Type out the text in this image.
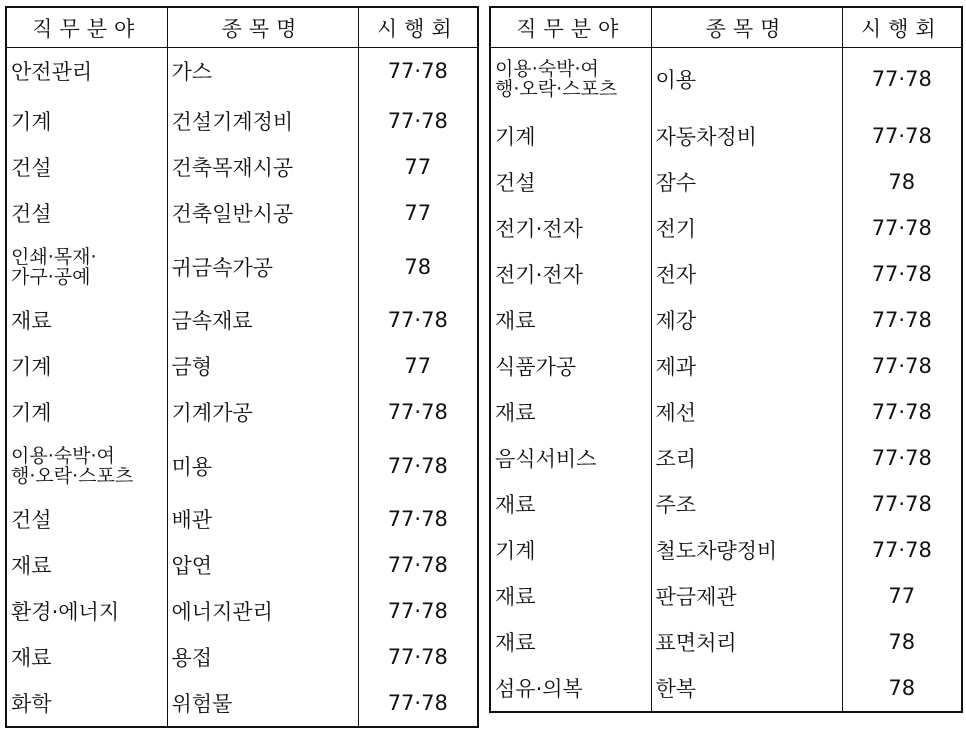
직무분야	종목명	시행회
안전관리	가스	77·78
기계	건설기계정비	77·78
건설	건축목재시공	77
건설	건축일반시공	77

인쇄·목재·
가구·공예	귀금속가공	78
재료	금속재료	77·78
기계	금형	77
기계	기계가공	77·78

이용·숙박·여
행·오락·스포츠	미용	77·78
건설	배관	77·78
재료	압연	77·78
환경·에너지	에너지관리	77·78
재료	용접	77·78
화학	위험물	77·78
직무분야	종목명	시행회

이용·숙박·여
행·오락·스포츠	이용	77·78
기계	자동차정비	77·78
건설	잠수	78
전기·전자	전기	77·78
전기·전자	전자	77·78
재료	제강	77·78
식품가공	제과	77·78
재료	제선	77·78
음식서비스	조리	77·78
재료	주조	77·78
기계	철도차량정비	77·78
재료	판금제관	77
재료	표면처리	78
섬유·의복	한복	78
